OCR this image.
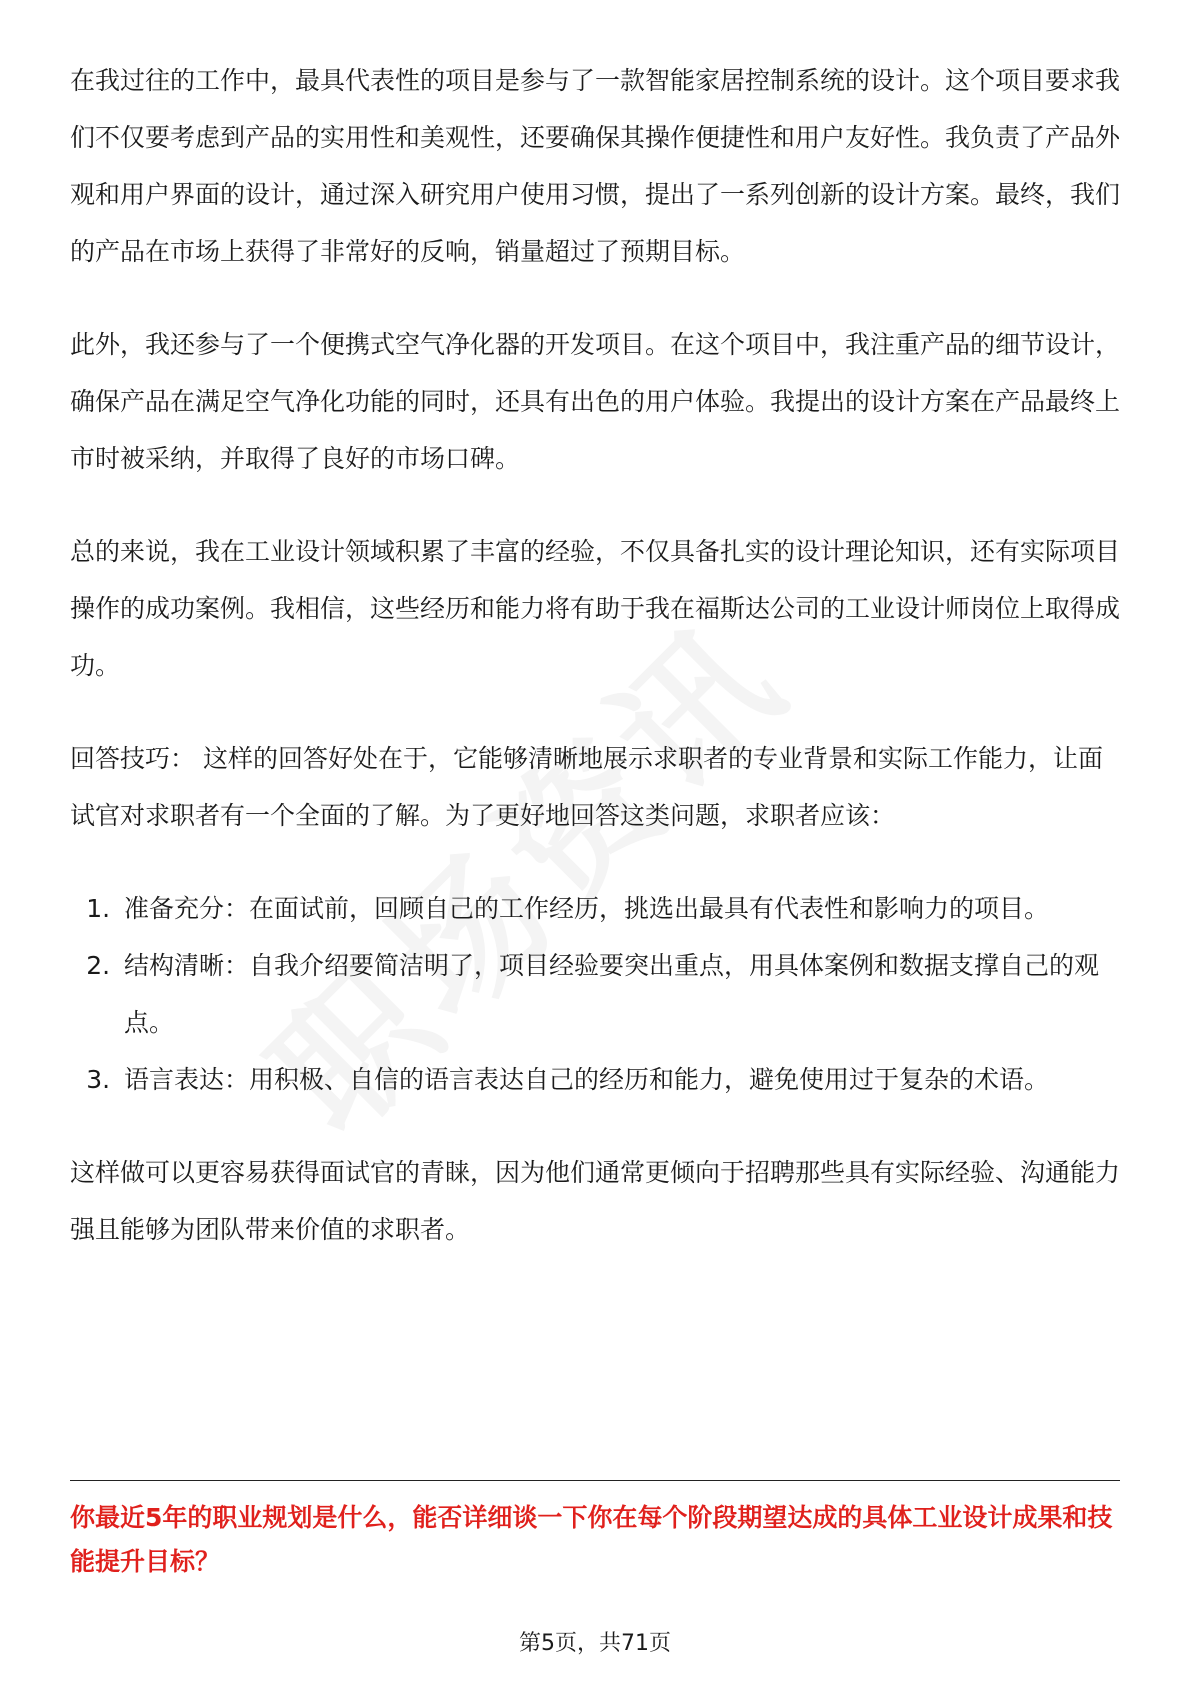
在我过往的工作中，最具代表性的项目是参与了一款智能家居控制系统的设计。这个项目要求我们不仅要考虑到产品的实用性和美观性，还要确保其操作便捷性和用户友好性。我负责了产品外观和用户界面的设计，通过深入研究用户使用习惯，提出了一系列创新的设计方案。最终，我们的产品在市场上获得了非常好的反响，销量超过了预期目标。

此外，我还参与了一个便携式空气净化器的开发项目。在这个项目中，我注重产品的细节设计，确保产品在满足空气净化功能的同时，还具有出色的用户体验。我提出的设计方案在产品最终上市时被采纳，并取得了良好的市场口碑。

总的来说，我在工业设计领域积累了丰富的经验，不仅具备扎实的设计理论知识，还有实际项目操作的成功案例。我相信，这些经历和能力将有助于我在福斯达公司的工业设计师岗位上取得成功。

回答技巧： 这样的回答好处在于，它能够清晰地展示求职者的专业背景和实际工作能力，让面试官对求职者有一个全面的了解。为了更好地回答这类问题，求职者应该：

1. 准备充分：在面试前，回顾自己的工作经历，挑选出最具有代表性和影响力的项目。
2. 结构清晰：自我介绍要简洁明了，项目经验要突出重点，用具体案例和数据支撑自己的观点。
3. 语言表达：用积极、自信的语言表达自己的经历和能力，避免使用过于复杂的术语。

这样做可以更容易获得面试官的青睐，因为他们通常更倾向于招聘那些具有实际经验、沟通能力强且能够为团队带来价值的求职者。

你最近5年的职业规划是什么，能否详细谈一下你在每个阶段期望达成的具体工业设计成果和技能提升目标？
第5页，共71页
